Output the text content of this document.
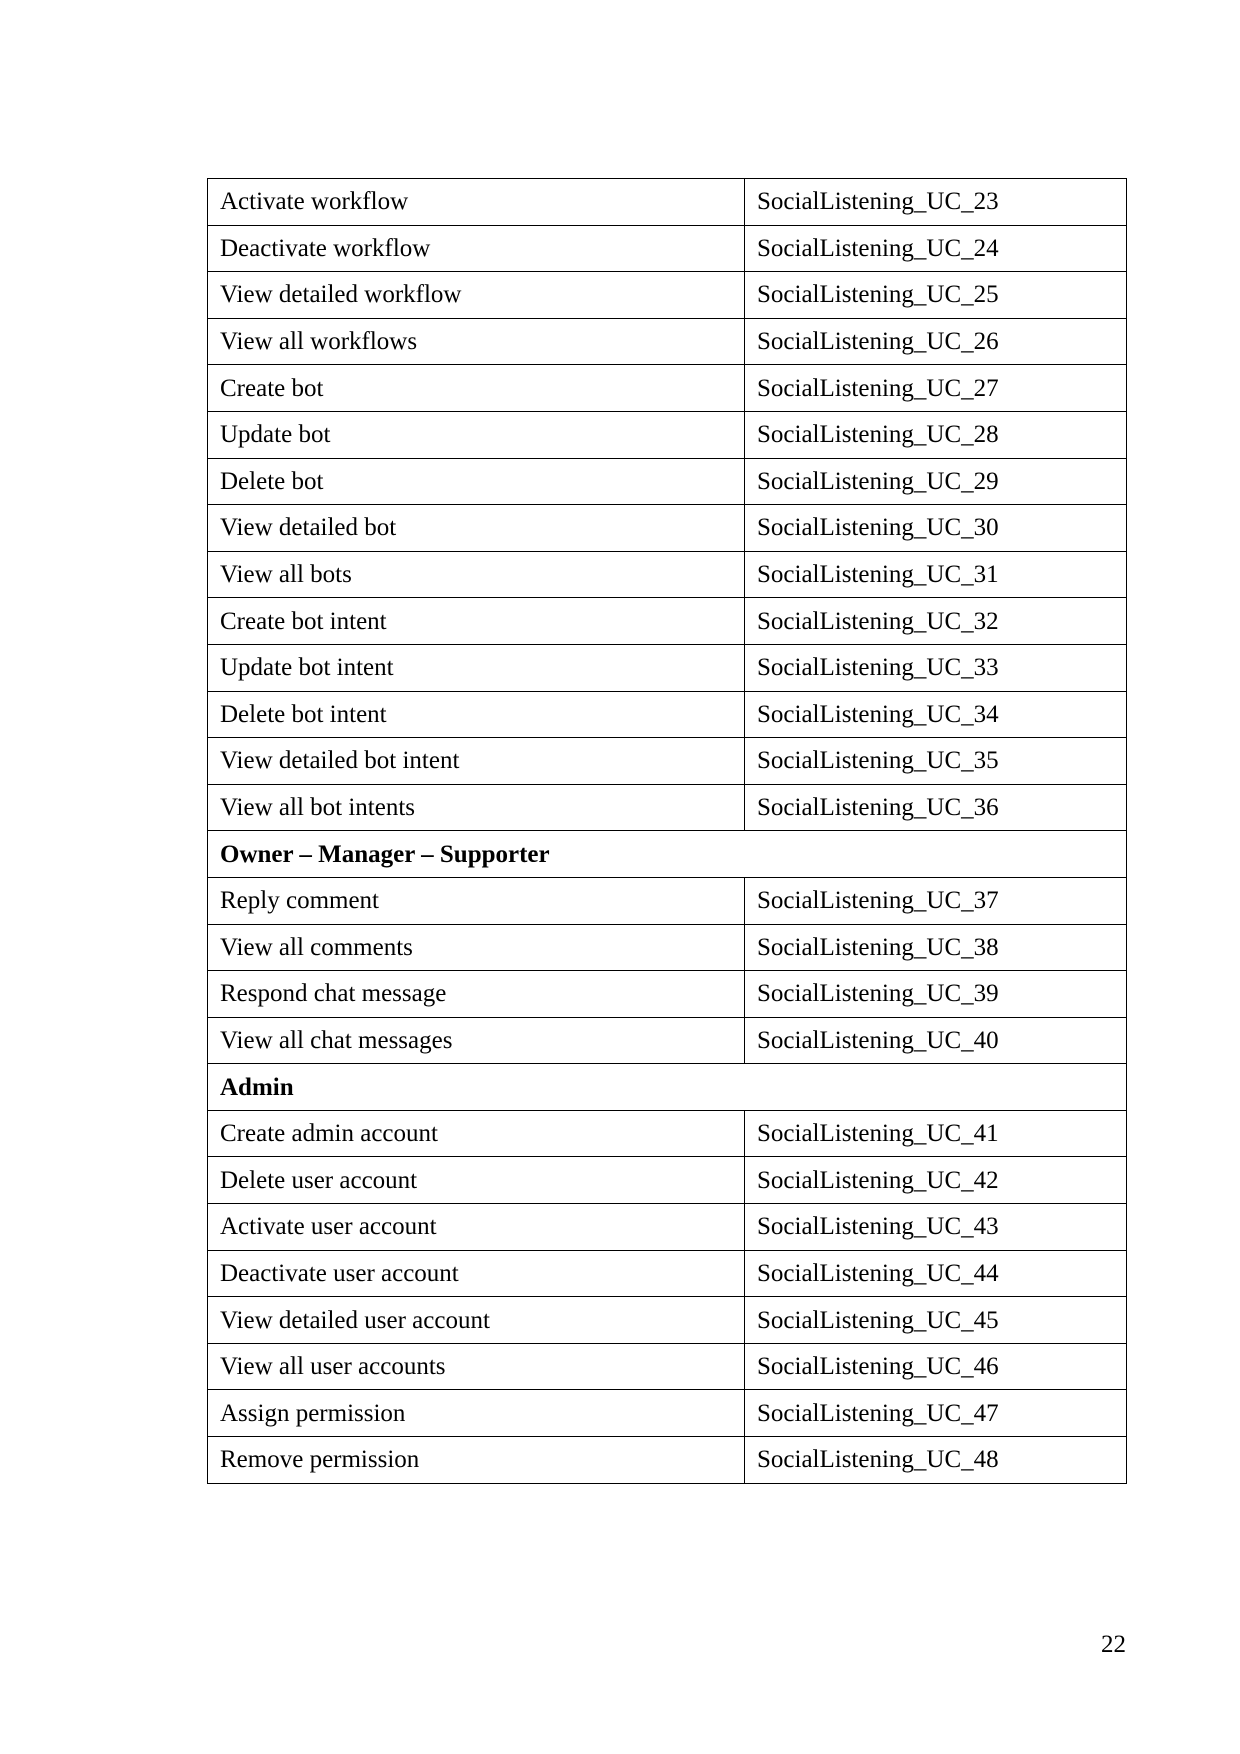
Activate workflow	SocialListening_UC_23
Deactivate workflow	SocialListening_UC_24
View detailed workflow	SocialListening_UC_25
View all workflows	SocialListening_UC_26
Create bot	SocialListening_UC_27
Update bot	SocialListening_UC_28
Delete bot	SocialListening_UC_29
View detailed bot	SocialListening_UC_30
View all bots	SocialListening_UC_31
Create bot intent	SocialListening_UC_32
Update bot intent	SocialListening_UC_33
Delete bot intent	SocialListening_UC_34
View detailed bot intent	SocialListening_UC_35
View all bot intents	SocialListening_UC_36
Owner – Manager – Supporter	
Reply comment	SocialListening_UC_37
View all comments	SocialListening_UC_38
Respond chat message	SocialListening_UC_39
View all chat messages	SocialListening_UC_40
Admin	
Create admin account	SocialListening_UC_41
Delete user account	SocialListening_UC_42
Activate user account	SocialListening_UC_43
Deactivate user account	SocialListening_UC_44
View detailed user account	SocialListening_UC_45
View all user accounts	SocialListening_UC_46
Assign permission	SocialListening_UC_47
Remove permission	SocialListening_UC_48
22
